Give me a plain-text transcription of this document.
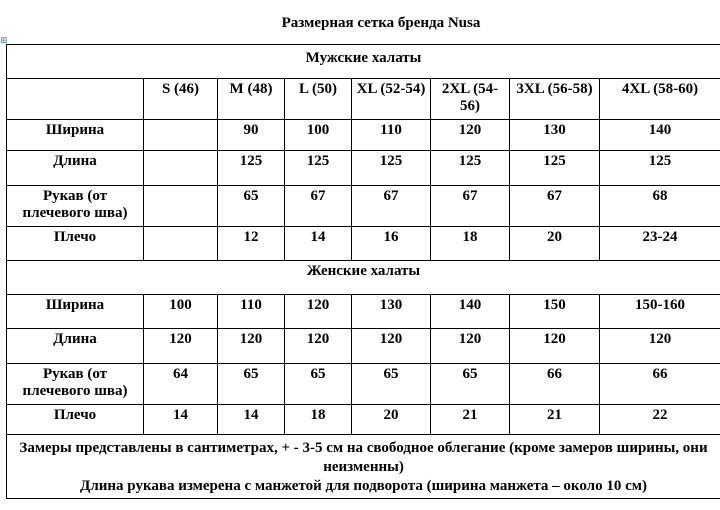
Размерная сетка бренда Nusa
⊞
Мужские халаты							
	S (46)	M (48)	L (50)	XL (52-54)	2XL (54-56)	3XL (56-58)	4XL (58-60)
Ширина		90	100	110	120	130	140
Длина		125	125	125	125	125	125
Рукав (от плечевого шва)		65	67	67	67	67	68
Плечо		12	14	16	18	20	23-24
Женские халаты							
Ширина	100	110	120	130	140	150	150-160
Длина	120	120	120	120	120	120	120
Рукав (от плечевого шва)	64	65	65	65	65	66	66
Плечо	14	14	18	20	21	21	22

Замеры представлены в сантиметрах, + - 3-5 см на свободное облегание (кроме замеров ширины, они неизменны)
Длина рукава измерена с манжетой для подворота (ширина манжета – около 10 см)							
